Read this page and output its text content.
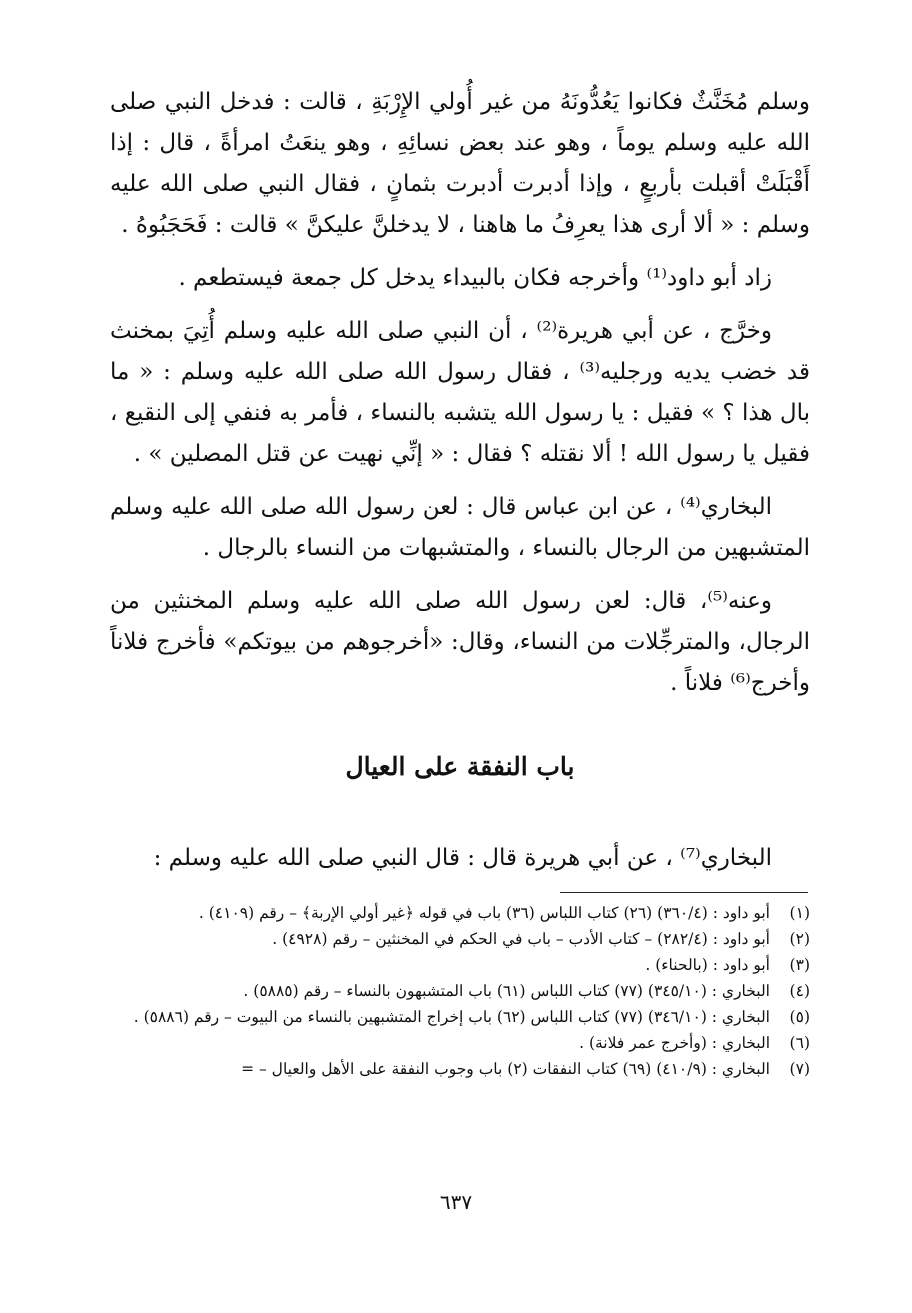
وسلم مُخَنَّثٌ فكانوا يَعُدُّونَهُ من غير أُولي الإِرْبَةِ ، قالت : فدخل النبي صلى الله عليه وسلم يوماً ، وهو عند بعض نسائِهِ ، وهو ينعَتُ امرأةً ، قال : إذا أَقْبَلَتْ أقبلت بأربعٍ ، وإذا أدبرت أدبرت بثمانٍ ، فقال النبي صلى الله عليه وسلم : « ألا أرى هذا يعرِفُ ما هاهنا ، لا يدخلنَّ عليكنَّ » قالت : فَحَجَبُوهُ .

زاد أبو داود⁽¹⁾ وأخرجه فكان بالبيداء يدخل كل جمعة فيستطعم .

وخرَّج ، عن أبي هريرة⁽²⁾ ، أن النبي صلى الله عليه وسلم أُتِيَ بمخنث قد خضب يديه ورجليه⁽³⁾ ، فقال رسول الله صلى الله عليه وسلم : « ما بال هذا ؟ » فقيل : يا رسول الله يتشبه بالنساء ، فأمر به فنفي إلى النقيع ، فقيل يا رسول الله ! ألا نقتله ؟ فقال : « إنِّي نهيت عن قتل المصلين » .

البخاري⁽⁴⁾ ، عن ابن عباس قال : لعن رسول الله صلى الله عليه وسلم المتشبهين من الرجال بالنساء ، والمتشبهات من النساء بالرجال .

وعنه⁽⁵⁾، قال: لعن رسول الله صلى الله عليه وسلم المخنثين من الرجال، والمترجِّلات من النساء، وقال: «أخرجوهم من بيوتكم» فأخرج فلاناً وأخرج⁽⁶⁾ فلاناً .

باب النفقة على العيال
البخاري⁽⁷⁾ ، عن أبي هريرة قال : قال النبي صلى الله عليه وسلم :
(١)
أبو داود : (٣٦٠/٤) (٢٦) كتاب اللباس (٣٦) باب في قوله ﴿غير أولي الإربة﴾ – رقم (٤١٠٩) .
(٢)
أبو داود : (٢٨٢/٤) – كتاب الأدب – باب في الحكم في المخنثين – رقم (٤٩٢٨) .
(٣)
أبو داود : (بالحناء) .
(٤)
البخاري : (٣٤٥/١٠) (٧٧) كتاب اللباس (٦١) باب المتشبهون بالنساء – رقم (٥٨٨٥) .
(٥)
البخاري : (٣٤٦/١٠) (٧٧) كتاب اللباس (٦٢) باب إخراج المتشبهين بالنساء من البيوت – رقم (٥٨٨٦) .
(٦)
البخاري : (وأخرج عمر فلانة) .
(٧)
البخاري : (٤١٠/٩) (٦٩) كتاب النفقات (٢) باب وجوب النفقة على الأهل والعيال – =
٦٣٧
